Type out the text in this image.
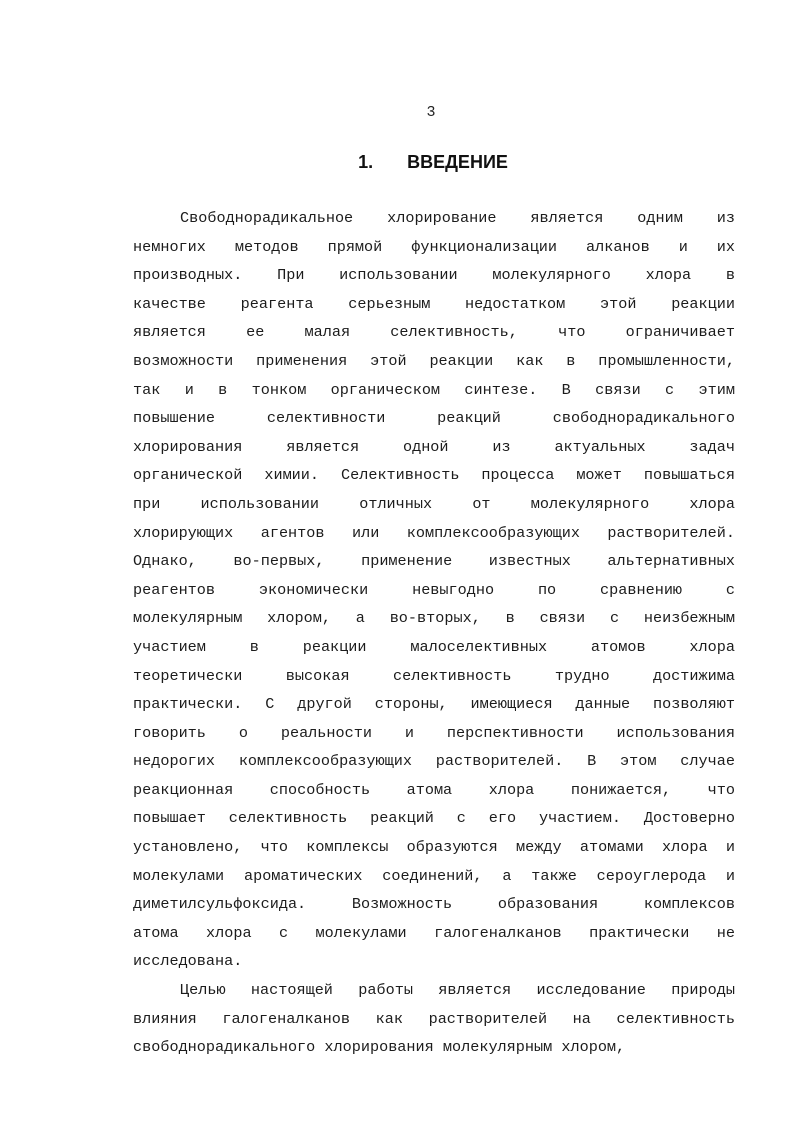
3
1. ВВЕДЕНИЕ
Свободнорадикальное хлорирование является одним из
немногих методов прямой функционализации алканов и их
производных. При использовании молекулярного хлора в
качестве реагента серьезным недостатком этой реакции
является ее малая селективность, что ограничивает
возможности применения этой реакции как в промышленности,
так и в тонком органическом синтезе. В связи с этим
повышение селективности реакций свободнорадикального
хлорирования является одной из актуальных задач
органической химии. Селективность процесса может повышаться
при использовании отличных от молекулярного хлора
хлорирующих агентов или комплексообразующих растворителей.
Однако, во-первых, применение известных альтернативных
реагентов экономически невыгодно по сравнению с
молекулярным хлором, а во-вторых, в связи с неизбежным
участием в реакции малоселективных атомов хлора
теоретически высокая селективность трудно достижима
практически. С другой стороны, имеющиеся данные позволяют
говорить о реальности и перспективности использования
недорогих комплексообразующих растворителей. В этом случае
реакционная способность атома хлора понижается, что
повышает селективность реакций с его участием. Достоверно
установлено, что комплексы образуются между атомами хлора и
молекулами ароматических соединений, а также сероуглерода и
диметилсульфоксида. Возможность образования комплексов
атома хлора с молекулами галогеналканов практически не
исследована.
Целью настоящей работы является исследование природы
влияния галогеналканов как растворителей на селективность
свободнорадикального хлорирования молекулярным хлором,
